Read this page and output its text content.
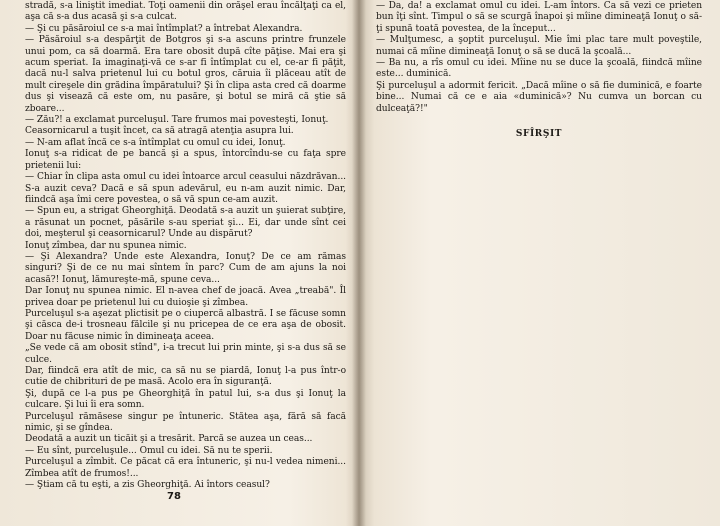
stradă, s-a liniştit imediat. Toţi oamenii din orăşel erau încălţaţi ca el, aşa că s-a dus acasă şi s-a culcat.

— Şi cu păsăroiul ce s-a mai întîmplat? a întrebat Alexandra.

— Păsăroiul s-a despărţit de Botgros şi s-a ascuns printre frunzele unui pom, ca să doarmă. Era tare obosit după cîte păţise. Mai era şi acum speriat. Ia imaginaţi-vă ce s-ar fi întîmplat cu el, ce-ar fi păţit, dacă nu-l salva prietenul lui cu botul gros, căruia îi plăceau atît de mult cireşele din grădina împăratului? Şi în clipa asta cred că doarme dus şi visează că este om, nu pasăre, şi botul se miră că ştie să zboare...

— Zău?! a exclamat purceluşul. Tare frumos mai povesteşti, Ionuţ.

Ceasornicarul a tuşit încet, ca să atragă atenţia asupra lui.

— N-am aflat încă ce s-a întîmplat cu omul cu idei, Ionuţ.

Ionuţ s-a ridicat de pe bancă şi a spus, întorcîndu-se cu faţa spre prietenii lui:

— Chiar în clipa asta omul cu idei întoarce arcul ceasului năzdrăvan... S-a auzit ceva? Dacă e să spun adevărul, eu n-am auzit nimic. Dar, fiindcă aşa îmi cere povestea, o să vă spun ce-am auzit.

— Spun eu, a strigat Gheorghiţă. Deodată s-a auzit un şuierat subţire, a răsunat un pocnet, păsările s-au speriat şi... Ei, dar unde sînt cei doi, meşterul şi ceasornicarul? Unde au dispărut?

Ionuţ zîmbea, dar nu spunea nimic.

— Şi Alexandra? Unde este Alexandra, Ionuţ? De ce am rămas singuri? Şi de ce nu mai sîntem în parc? Cum de am ajuns la noi acasă?! Ionuţ, lămureşte-mă, spune ceva...

Dar Ionuţ nu spunea nimic. El n-avea chef de joacă. Avea „treabă". Îl privea doar pe prietenul lui cu duioşie şi zîmbea.

Purceluşul s-a aşezat plictisit pe o ciupercă albastră. I se făcuse somn şi căsca de-i trosneau fălcile şi nu pricepea de ce era aşa de obosit. Doar nu făcuse nimic în dimineaţa aceea.

„Se vede că am obosit stînd", i-a trecut lui prin minte, şi s-a dus să se culce.

Dar, fiindcă era atît de mic, ca să nu se piardă, Ionuţ l-a pus într-o cutie de chibrituri de pe masă. Acolo era în siguranţă.

Şi, după ce l-a pus pe Gheorghiţă în patul lui, s-a dus şi Ionuţ la culcare. Şi lui îi era somn.

Purceluşul rămăsese singur pe întuneric. Stătea aşa, fără să facă nimic, şi se gîndea.

Deodată a auzit un ticăit şi a tresărit. Parcă se auzea un ceas...

— Eu sînt, purceluşule... Omul cu idei. Să nu te sperii.

Purceluşul a zîmbit. Ce păcat că era întuneric, şi nu-l vedea nimeni... Zîmbea atît de frumos!...

— Ştiam că tu eşti, a zis Gheorghiţă. Ai întors ceasul?

78

— Da, da! a exclamat omul cu idei. L-am întors. Ca să vezi ce prieten bun îţi sînt. Timpul o să se scurgă înapoi şi mîine dimineaţă Ionuţ o să-ţi spună toată povestea, de la început...

— Mulţumesc, a şoptit purceluşul. Mie îmi plac tare mult poveştile, numai că mîine dimineaţă Ionuţ o să se ducă la şcoală...

— Ba nu, a rîs omul cu idei. Mîine nu se duce la şcoală, fiindcă mîine este... duminică.

Şi purceluşul a adormit fericit. „Dacă mîine o să fie duminică, e foarte bine... Numai că ce e aia «duminică»? Nu cumva un borcan cu dulceaţă?!"

SFÎRŞIT
